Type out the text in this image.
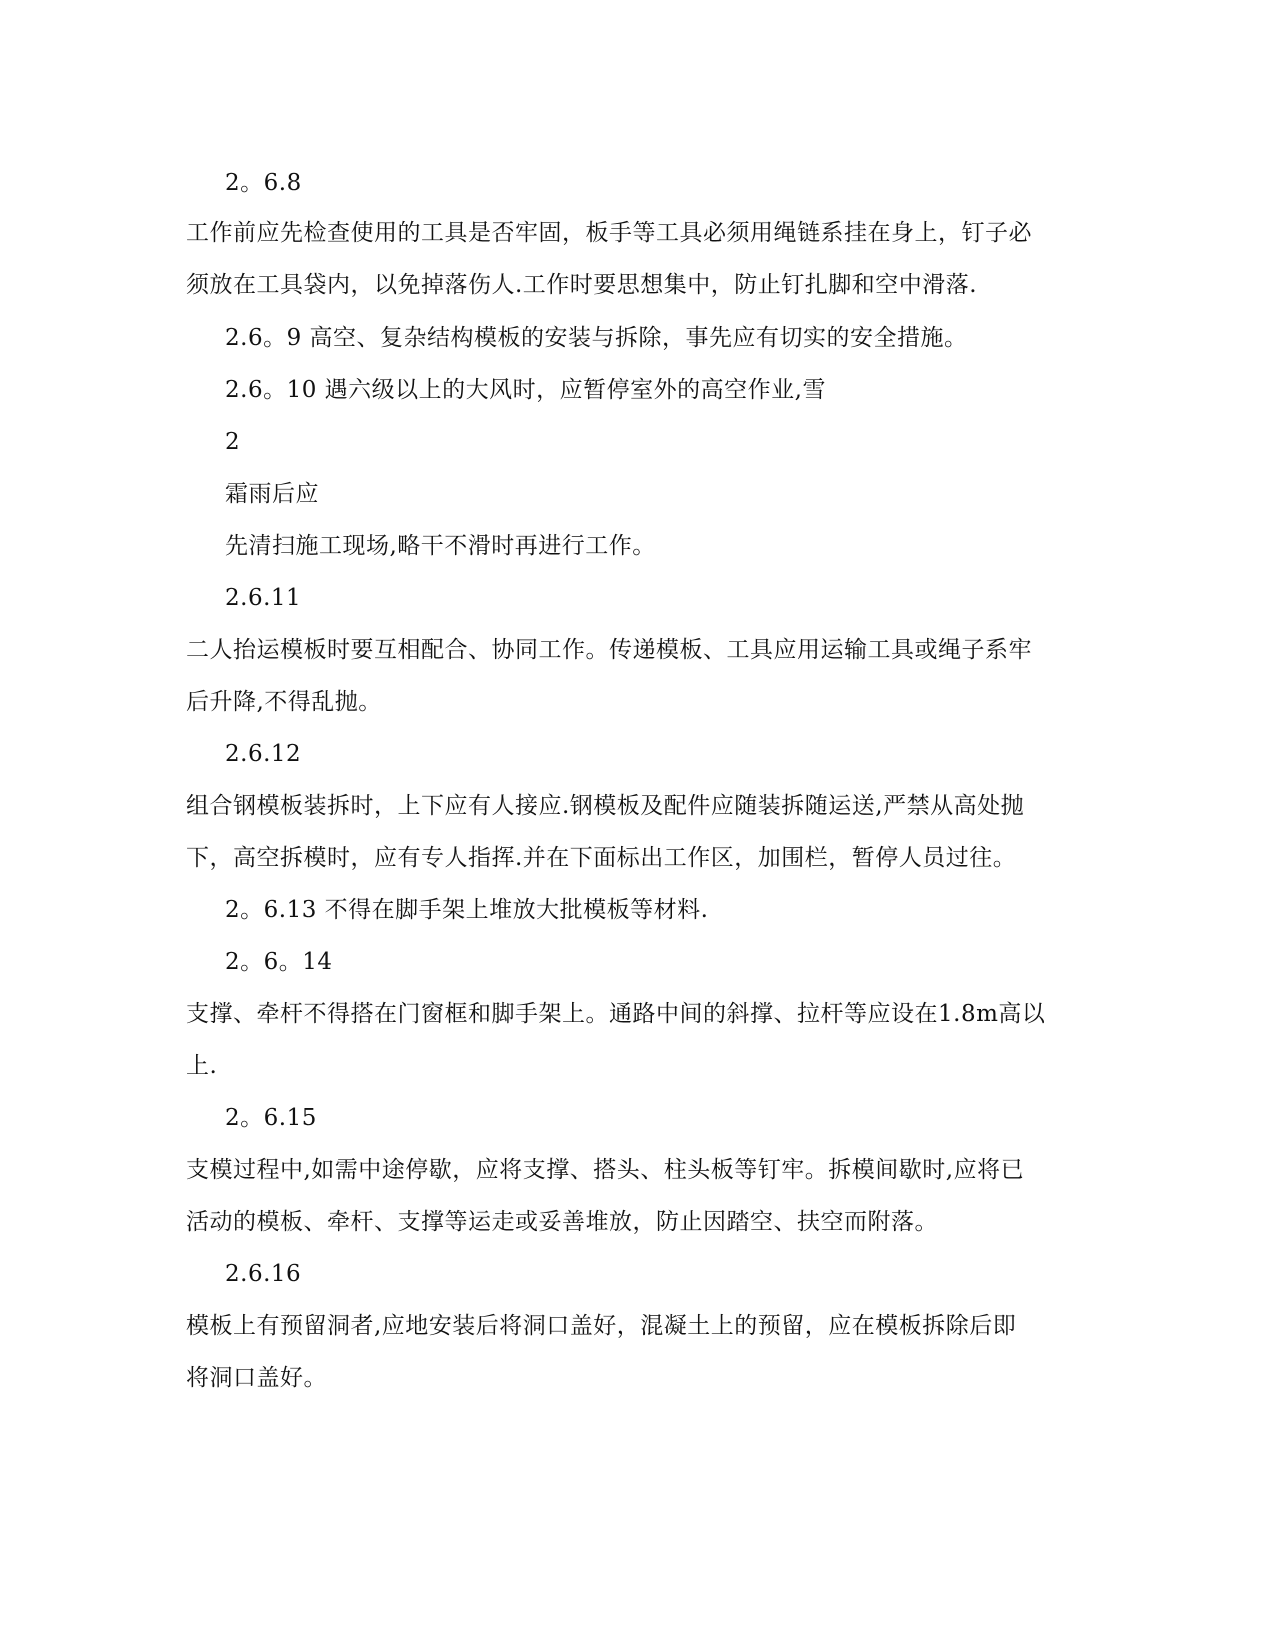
2。6.8
工作前应先检查使用的工具是否牢固，板手等工具必须用绳链系挂在身上，钉子必
须放在工具袋内，以免掉落伤人.工作时要思想集中，防止钉扎脚和空中滑落.
2.6。9 高空、复杂结构模板的安装与拆除，事先应有切实的安全措施。
2.6。10 遇六级以上的大风时，应暂停室外的高空作业,雪
2
霜雨后应
先清扫施工现场,略干不滑时再进行工作。
2.6.11
二人抬运模板时要互相配合、协同工作。传递模板、工具应用运输工具或绳子系牢
后升降,不得乱抛。
2.6.12
组合钢模板装拆时，上下应有人接应.钢模板及配件应随装拆随运送,严禁从高处抛
下，高空拆模时，应有专人指挥.并在下面标出工作区，加围栏，暂停人员过往。
2。6.13 不得在脚手架上堆放大批模板等材料.
2。6。14
支撑、牵杆不得搭在门窗框和脚手架上。通路中间的斜撑、拉杆等应设在1.8m高以
上.
2。6.15
支模过程中,如需中途停歇，应将支撑、搭头、柱头板等钉牢。拆模间歇时,应将已
活动的模板、牵杆、支撑等运走或妥善堆放，防止因踏空、扶空而附落。
2.6.16
模板上有预留洞者,应地安装后将洞口盖好，混凝土上的预留，应在模板拆除后即
将洞口盖好。
